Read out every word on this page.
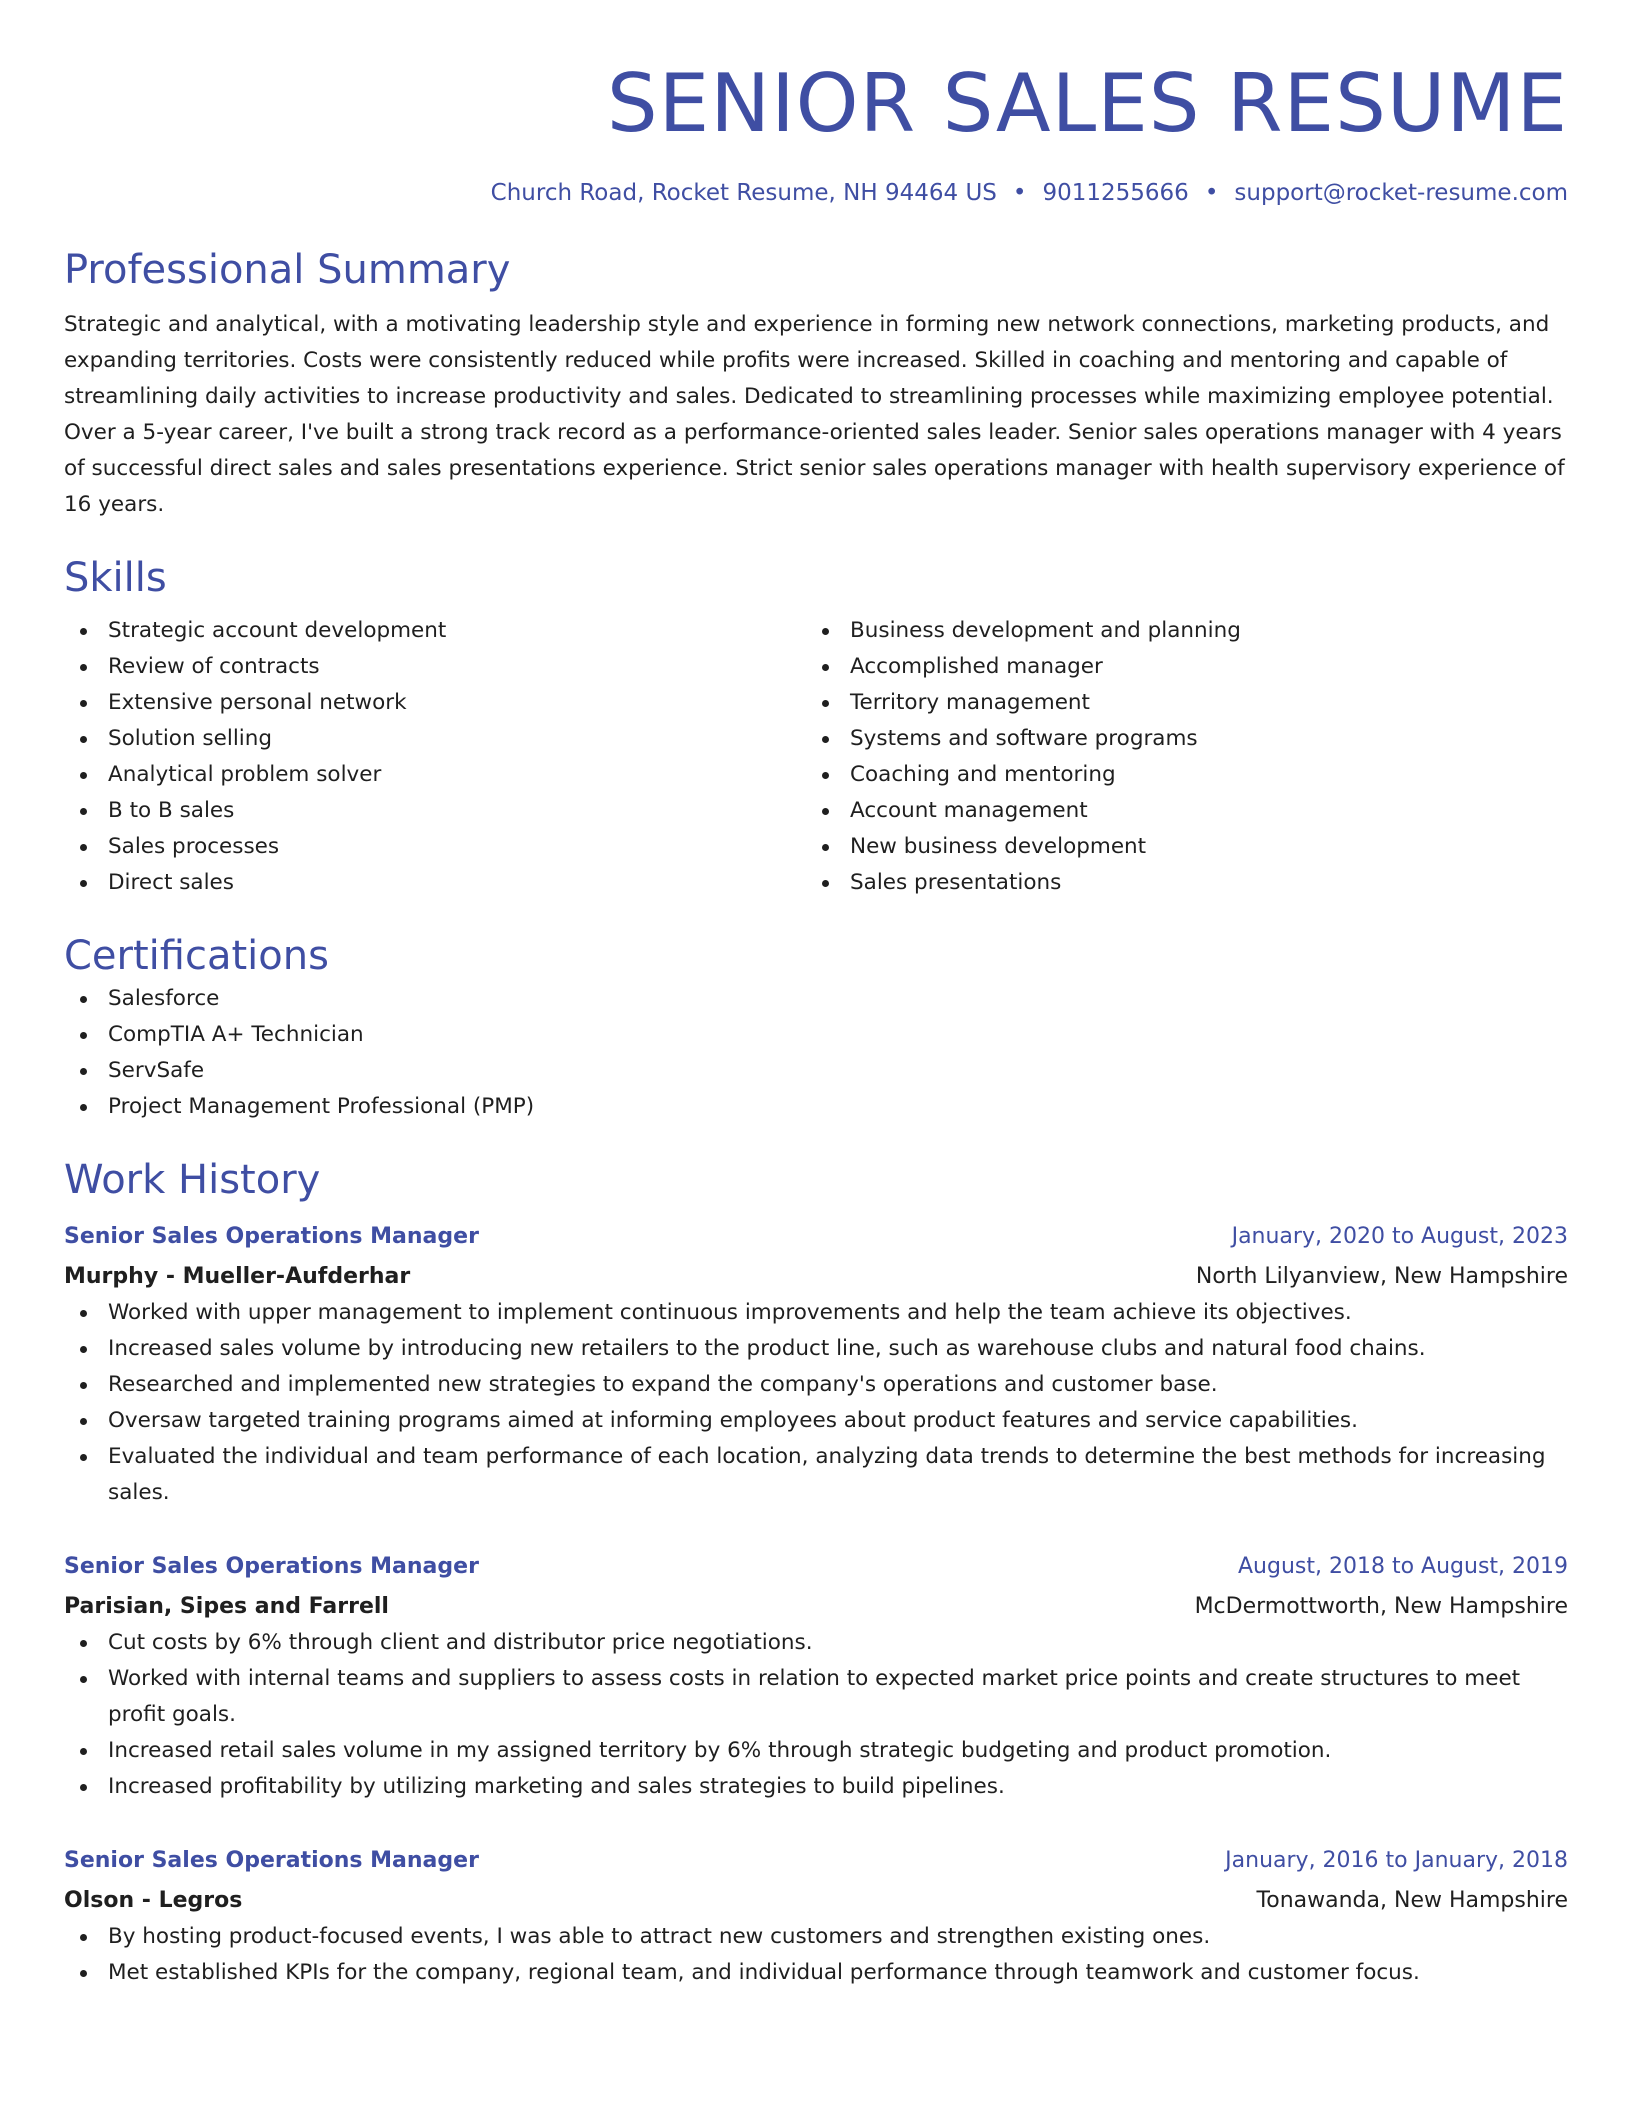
SENIOR SALES RESUME
Church Road, Rocket Resume, NH 94464 US • 9011255666 • support@rocket-resume.com
Professional Summary
Strategic and analytical, with a motivating leadership style and experience in forming new network connections, marketing products, and expanding territories. Costs were consistently reduced while profits were increased. Skilled in coaching and mentoring and capable of streamlining daily activities to increase productivity and sales. Dedicated to streamlining processes while maximizing employee potential. Over a 5-year career, I've built a strong track record as a performance-oriented sales leader. Senior sales operations manager with 4 years of successful direct sales and sales presentations experience. Strict senior sales operations manager with health supervisory experience of 16 years.
Skills
Strategic account development
Review of contracts
Extensive personal network
Solution selling
Analytical problem solver
B to B sales
Sales processes
Direct sales
Business development and planning
Accomplished manager
Territory management
Systems and software programs
Coaching and mentoring
Account management
New business development
Sales presentations
Certifications
Salesforce
CompTIA A+ Technician
ServSafe
Project Management Professional (PMP)
Work History
Senior Sales Operations Manager	January, 2020 to August, 2023
Murphy - Mueller-Aufderhar	North Lilyanview, New Hampshire
Worked with upper management to implement continuous improvements and help the team achieve its objectives.
Increased sales volume by introducing new retailers to the product line, such as warehouse clubs and natural food chains.
Researched and implemented new strategies to expand the company's operations and customer base.
Oversaw targeted training programs aimed at informing employees about product features and service capabilities.
Evaluated the individual and team performance of each location, analyzing data trends to determine the best methods for increasing sales.
Senior Sales Operations Manager	August, 2018 to August, 2019
Parisian, Sipes and Farrell	McDermottworth, New Hampshire
Cut costs by 6% through client and distributor price negotiations.
Worked with internal teams and suppliers to assess costs in relation to expected market price points and create structures to meet profit goals.
Increased retail sales volume in my assigned territory by 6% through strategic budgeting and product promotion.
Increased profitability by utilizing marketing and sales strategies to build pipelines.
Senior Sales Operations Manager	January, 2016 to January, 2018
Olson - Legros	Tonawanda, New Hampshire
By hosting product-focused events, I was able to attract new customers and strengthen existing ones.
Met established KPIs for the company, regional team, and individual performance through teamwork and customer focus.
